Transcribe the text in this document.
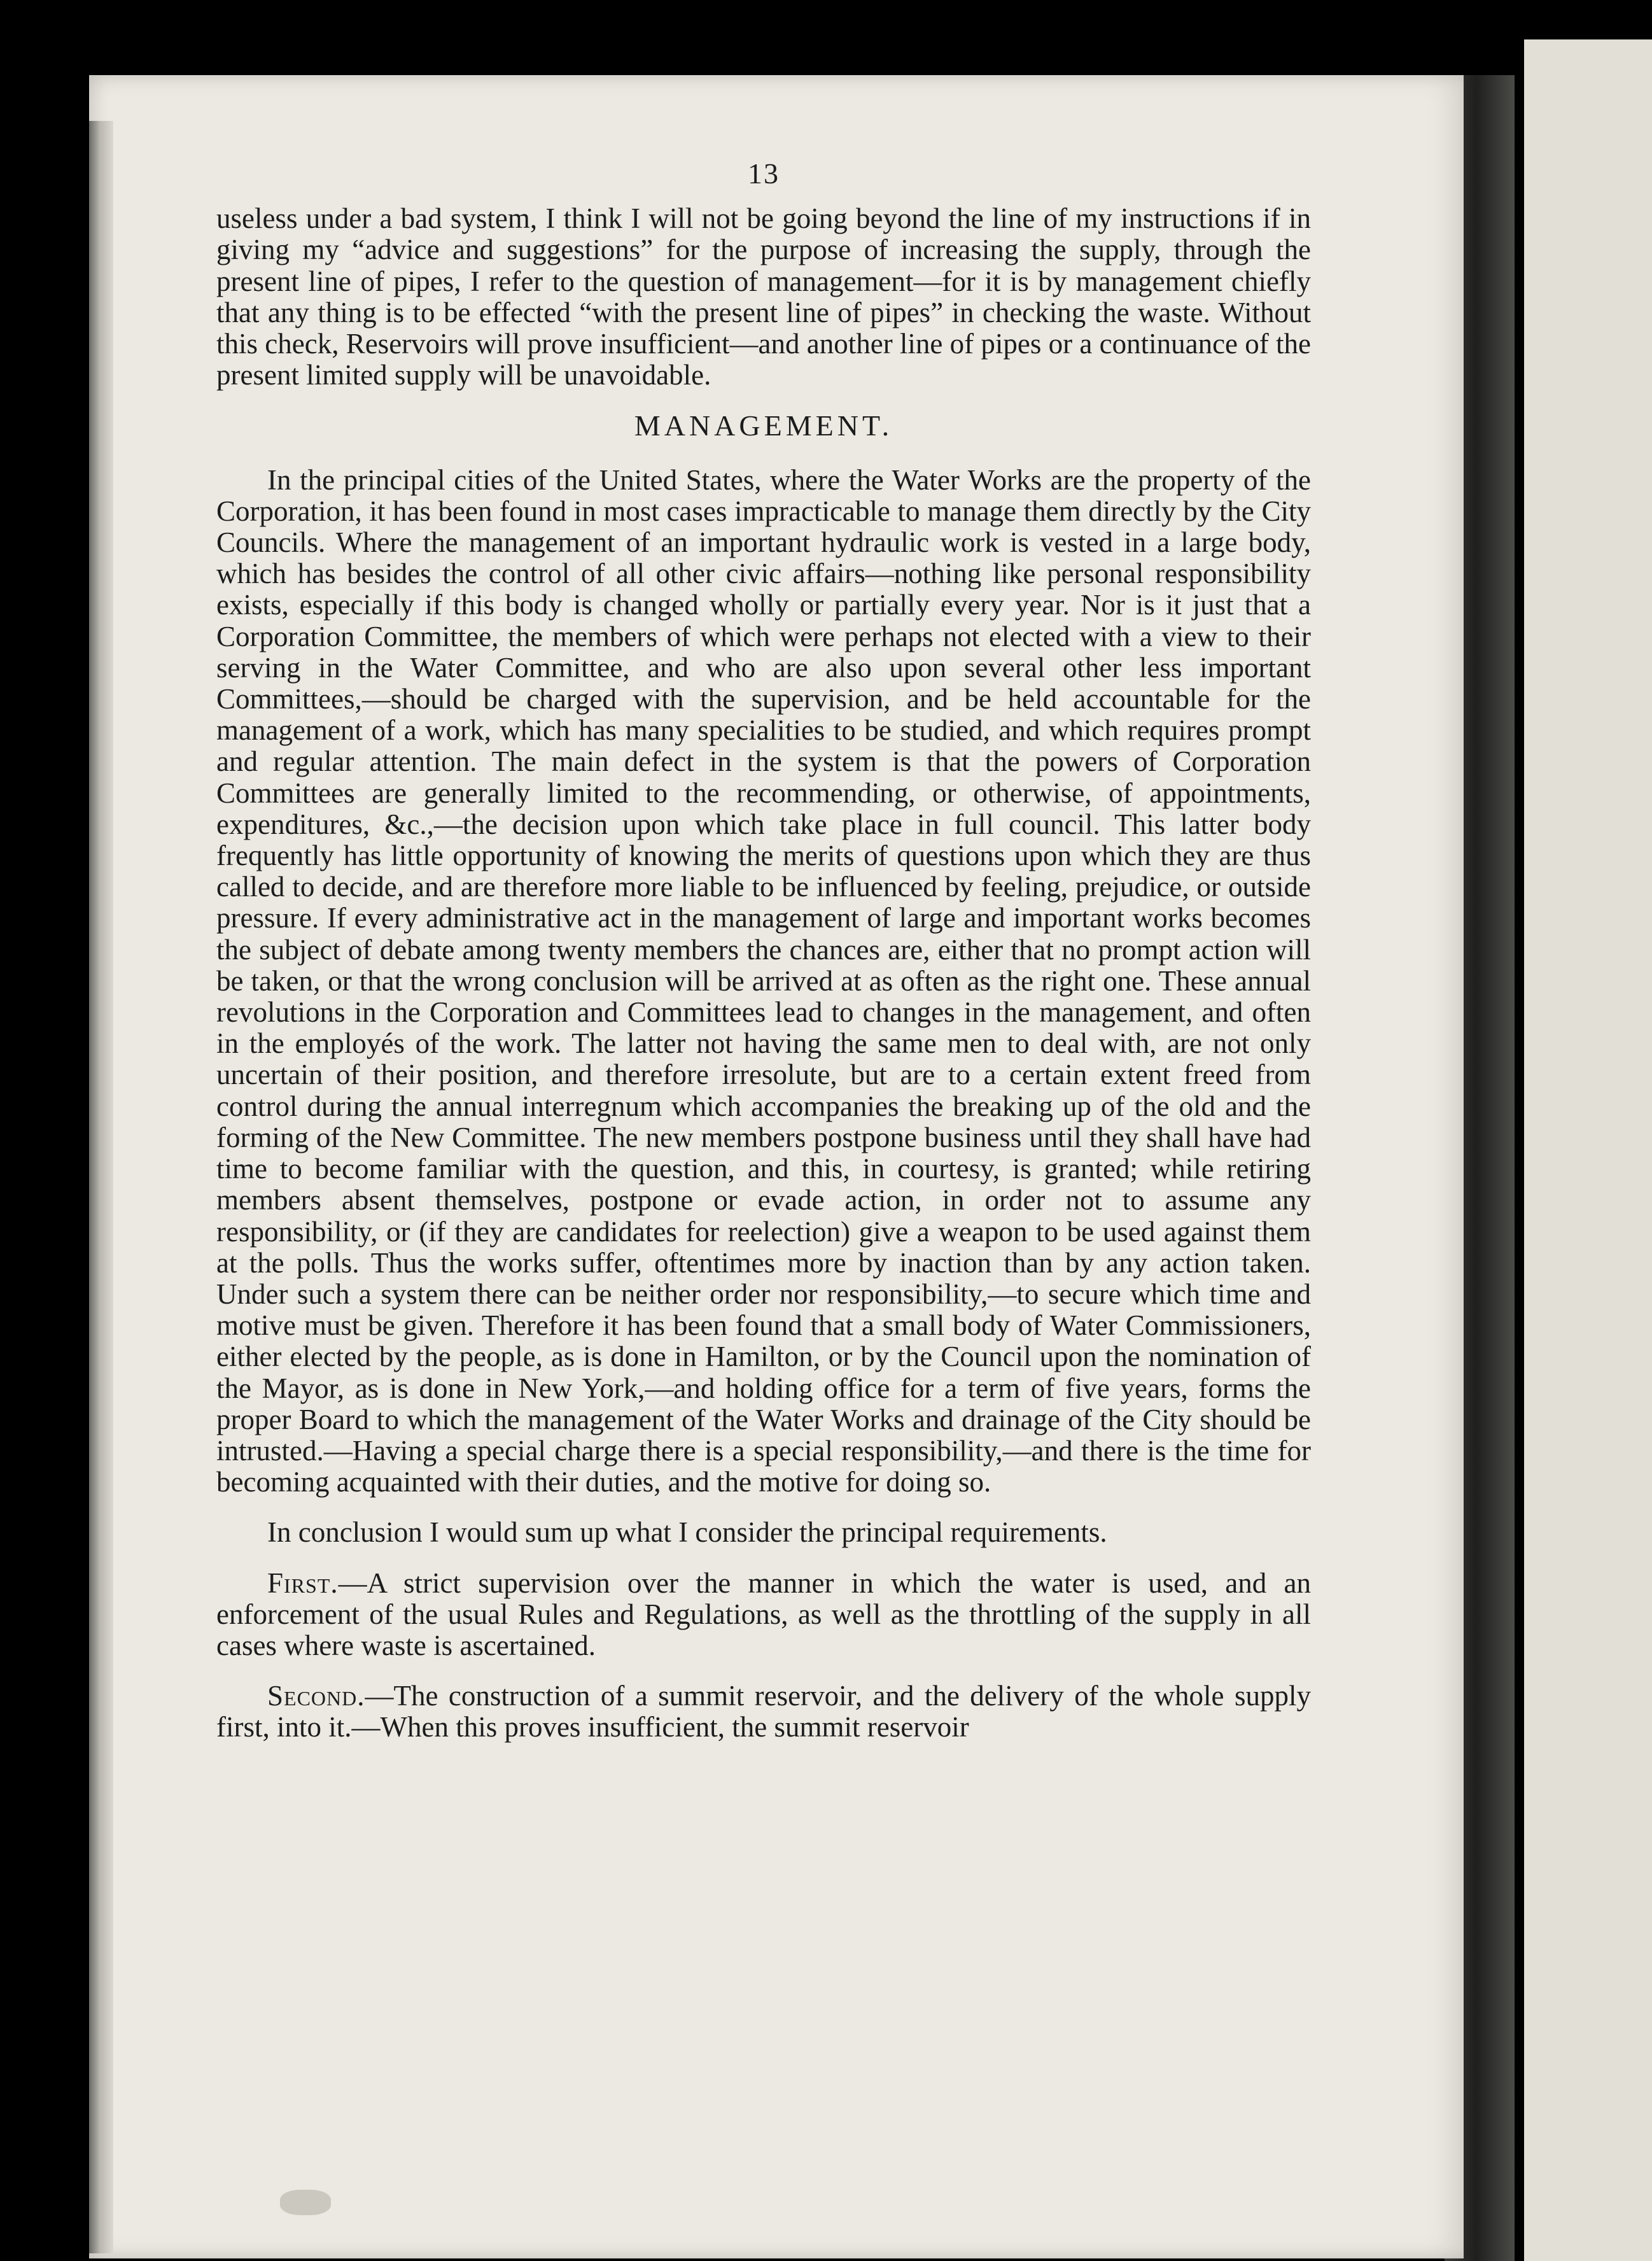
13

useless under a bad system, I think I will not be going beyond the line of my instructions if in giving my “advice and suggestions” for the purpose of increasing the supply, through the present line of pipes, I refer to the question of management—for it is by management chiefly that any thing is to be effected “with the present line of pipes” in checking the waste. Without this check, Reservoirs will prove insufficient—and another line of pipes or a continuance of the present limited supply will be unavoidable.

MANAGEMENT.

In the principal cities of the United States, where the Water Works are the property of the Corporation, it has been found in most cases impracticable to manage them directly by the City Councils. Where the management of an important hydraulic work is vested in a large body, which has besides the control of all other civic affairs—nothing like personal responsibility exists, especially if this body is changed wholly or partially every year. Nor is it just that a Corporation Committee, the members of which were perhaps not elected with a view to their serving in the Water Committee, and who are also upon several other less important Committees,—should be charged with the supervision, and be held accountable for the management of a work, which has many specialities to be studied, and which requires prompt and regular attention. The main defect in the system is that the powers of Corporation Committees are generally limited to the recommending, or otherwise, of appointments, expenditures, &c.,—the decision upon which take place in full council. This latter body frequently has little opportunity of knowing the merits of questions upon which they are thus called to decide, and are therefore more liable to be influenced by feeling, prejudice, or outside pressure. If every administrative act in the management of large and important works becomes the subject of debate among twenty members the chances are, either that no prompt action will be taken, or that the wrong conclusion will be arrived at as often as the right one. These annual revolutions in the Corporation and Committees lead to changes in the management, and often in the employés of the work. The latter not having the same men to deal with, are not only uncertain of their position, and therefore irresolute, but are to a certain extent freed from control during the annual interregnum which accompanies the breaking up of the old and the forming of the New Committee. The new members postpone business until they shall have had time to become familiar with the question, and this, in courtesy, is granted; while retiring members absent themselves, postpone or evade action, in order not to assume any responsibility, or (if they are candidates for reelection) give a weapon to be used against them at the polls. Thus the works suffer, oftentimes more by inaction than by any action taken. Under such a system there can be neither order nor responsibility,—to secure which time and motive must be given. Therefore it has been found that a small body of Water Commissioners, either elected by the people, as is done in Hamilton, or by the Council upon the nomination of the Mayor, as is done in New York,—and holding office for a term of five years, forms the proper Board to which the management of the Water Works and drainage of the City should be intrusted.—Having a special charge there is a special responsibility,—and there is the time for becoming acquainted with their duties, and the motive for doing so.

In conclusion I would sum up what I consider the principal requirements.

First.—A strict supervision over the manner in which the water is used, and an enforcement of the usual Rules and Regulations, as well as the throttling of the supply in all cases where waste is ascertained.

Second.—The construction of a summit reservoir, and the delivery of the whole supply first, into it.—When this proves insufficient, the summit reservoir
